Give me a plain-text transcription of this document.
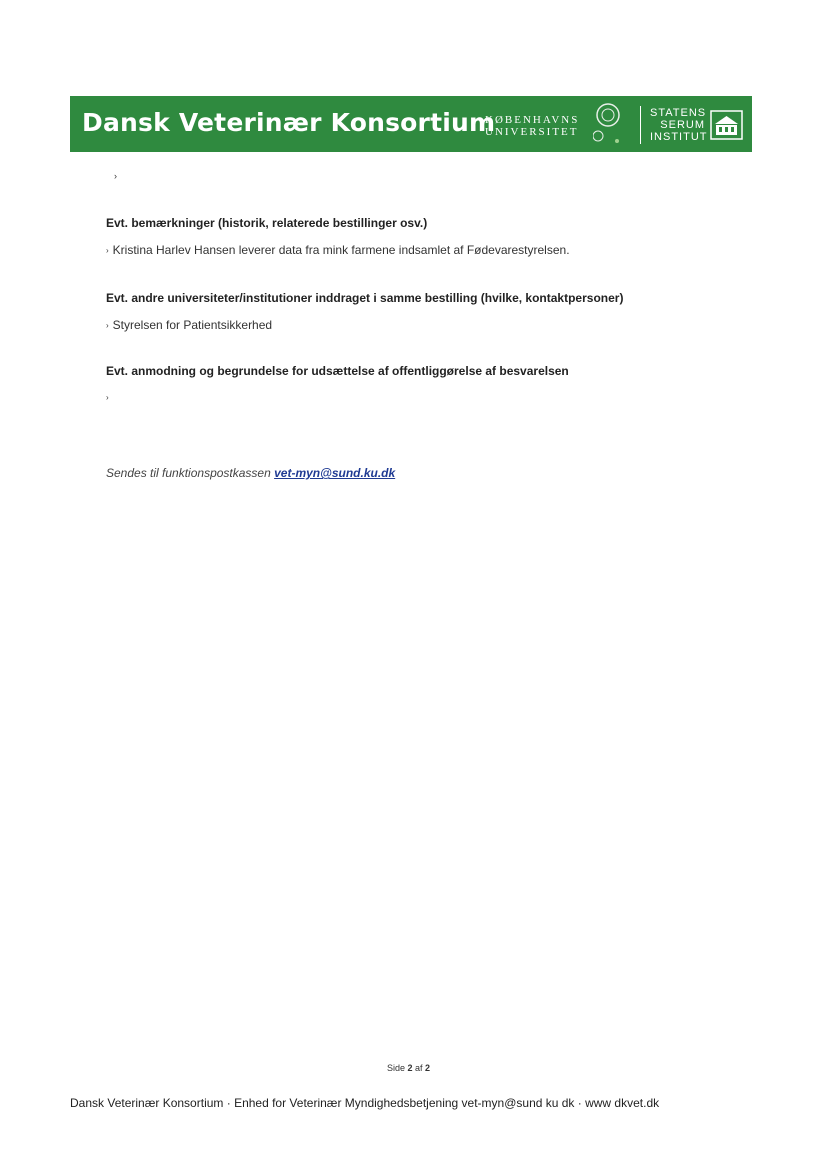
Dansk Veterinær Konsortium
KØBENHAVNS
UNIVERSITET
STATENS
SERUM
INSTITUT
›
Evt. bemærkninger (historik, relaterede bestillinger osv.)
› Kristina Harlev Hansen leverer data fra mink farmene indsamlet af Fødevarestyrelsen.
Evt. andre universiteter/institutioner inddraget i samme bestilling (hvilke, kontaktpersoner)
› Styrelsen for Patientsikkerhed
Evt. anmodning og begrundelse for udsættelse af offentliggørelse af besvarelsen
›
Sendes til funktionspostkassen vet-myn@sund.ku.dk
Side 2 af 2
Dansk Veterinær Konsortium · Enhed for Veterinær Myndighedsbetjening vet-myn@sund ku dk · www dkvet.dk
